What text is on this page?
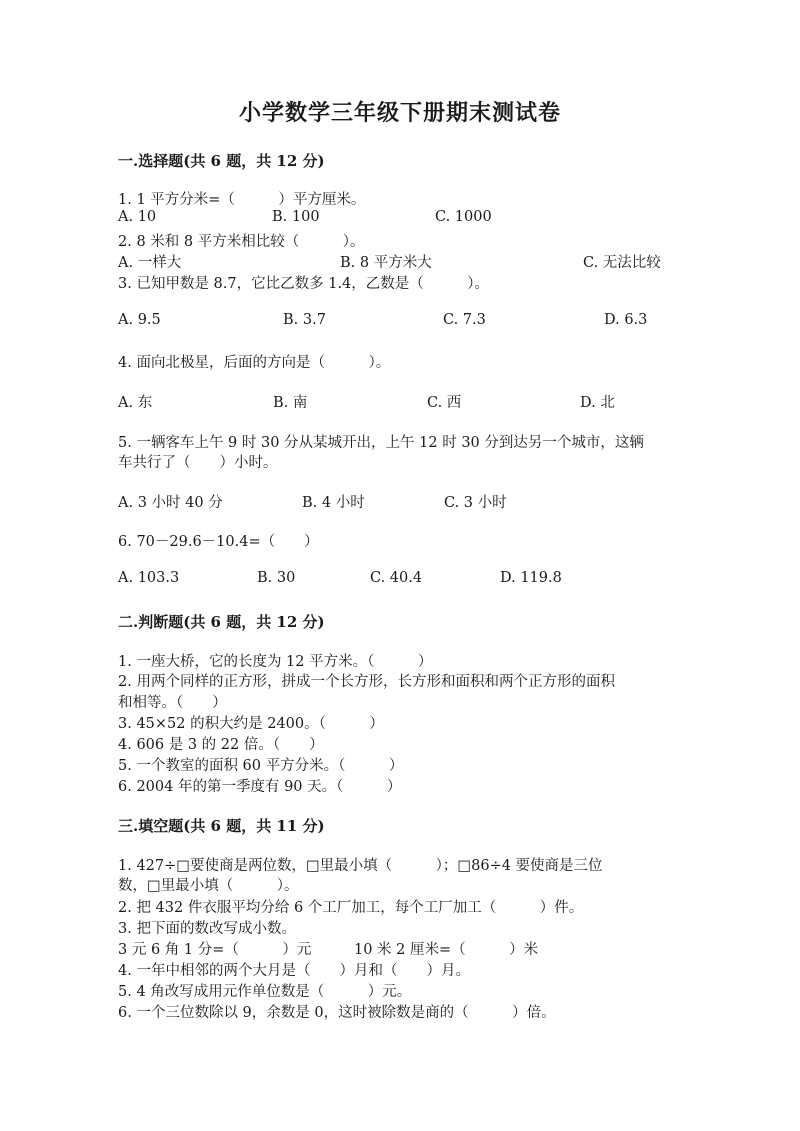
小学数学三年级下册期末测试卷
一.选择题(共 6 题，共 12 分)
1. 1 平方分米=（　　　）平方厘米。
A. 10	B. 100	C. 1000
2. 8 米和 8 平方米相比较（　　　）。
A. 一样大	B. 8 平方米大	C. 无法比较
3. 已知甲数是 8.7，它比乙数多 1.4，乙数是（　　　）。
A. 9.5	B. 3.7	C. 7.3	D. 6.3
4. 面向北极星，后面的方向是（　　　）。
A. 东	B. 南	C. 西	D. 北
5. 一辆客车上午 9 时 30 分从某城开出，上午 12 时 30 分到达另一个城市，这辆
车共行了（　　）小时。
A. 3 小时 40 分	B. 4 小时	C. 3 小时
6. 70－29.6－10.4=（　　）
A. 103.3	B. 30	C. 40.4	D. 119.8
二.判断题(共 6 题，共 12 分)
1. 一座大桥，它的长度为 12 平方米。（　　　）
2. 用两个同样的正方形，拼成一个长方形，长方形和面积和两个正方形的面积
和相等。（　　）
3. 45×52 的积大约是 2400。（　　　）
4. 606 是 3 的 22 倍。（　　）
5. 一个教室的面积 60 平方分米。（　　　）
6. 2004 年的第一季度有 90 天。（　　　）
三.填空题(共 6 题，共 11 分)
1. 427÷□要使商是两位数，□里最小填（　　　）；□86÷4 要使商是三位
数，□里最小填（　　　）。
2. 把 432 件衣服平均分给 6 个工厂加工，每个工厂加工（　　　）件。
3. 把下面的数改写成小数。
3 元 6 角 1 分=（　　　）元	10 米 2 厘米=（　　　）米
4. 一年中相邻的两个大月是（　　）月和（　　）月。
5. 4 角改写成用元作单位数是（　　　）元。
6. 一个三位数除以 9，余数是 0，这时被除数是商的（　　　）倍。
